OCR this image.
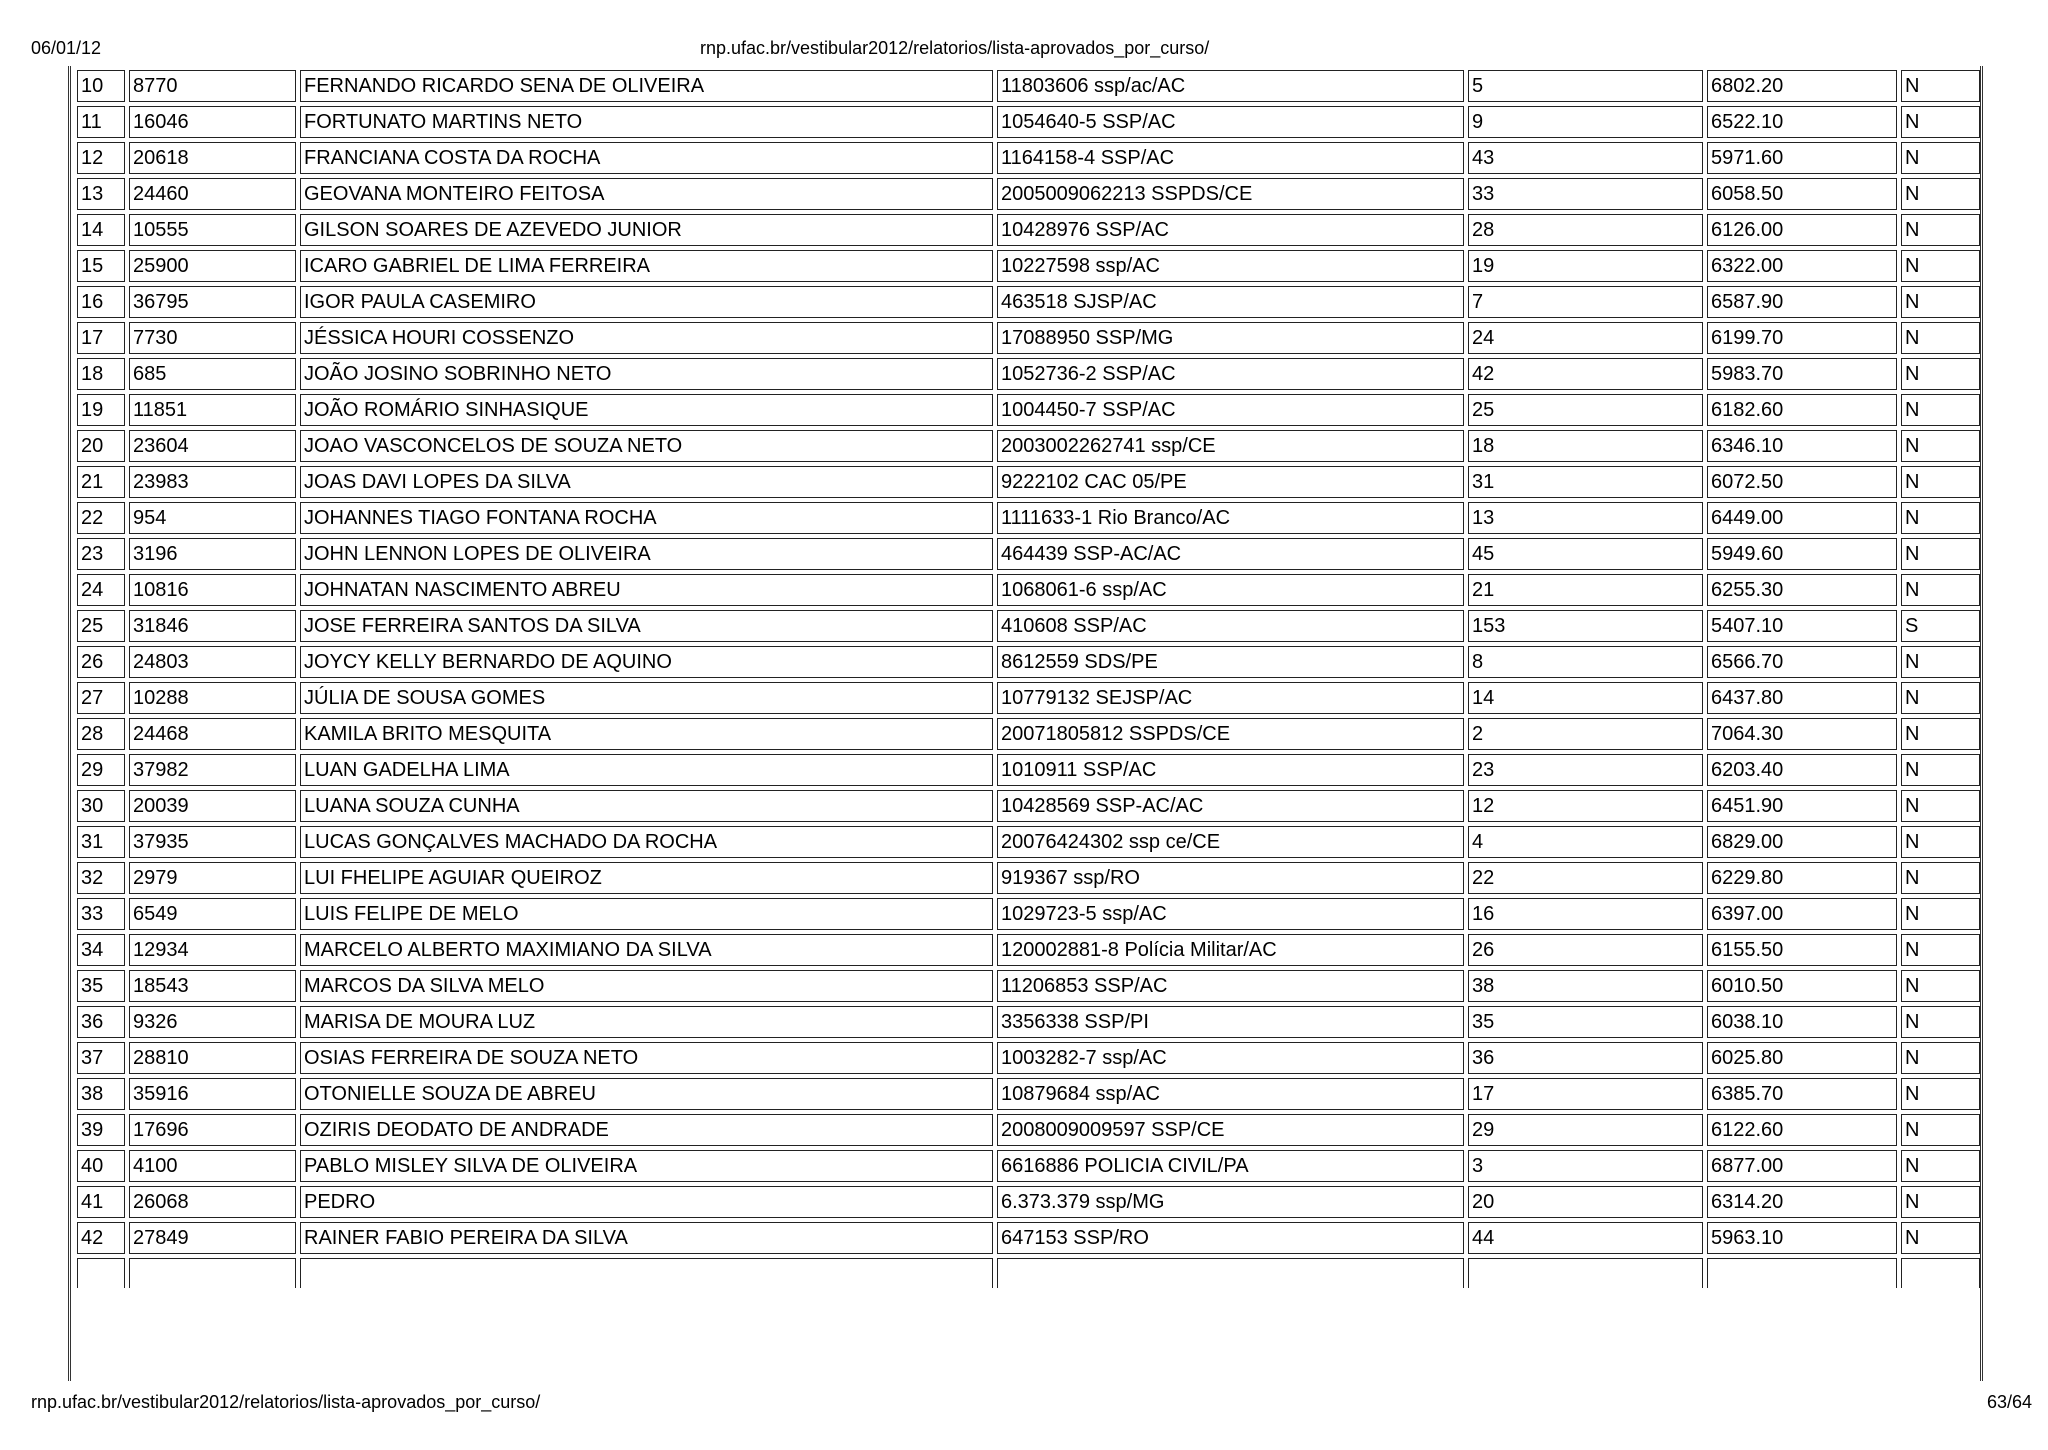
06/01/12	rnp.ufac.br/vestibular2012/relatorios/lista-aprovados_por_curso/
10	8770	FERNANDO RICARDO SENA DE OLIVEIRA	11803606 ssp/ac/AC	5	6802.20	N
11	16046	FORTUNATO MARTINS NETO	1054640-5 SSP/AC	9	6522.10	N
12	20618	FRANCIANA COSTA DA ROCHA	1164158-4 SSP/AC	43	5971.60	N
13	24460	GEOVANA MONTEIRO FEITOSA	2005009062213 SSPDS/CE	33	6058.50	N
14	10555	GILSON SOARES DE AZEVEDO JUNIOR	10428976 SSP/AC	28	6126.00	N
15	25900	ICARO GABRIEL DE LIMA FERREIRA	10227598 ssp/AC	19	6322.00	N
16	36795	IGOR PAULA CASEMIRO	463518 SJSP/AC	7	6587.90	N
17	7730	JÉSSICA HOURI COSSENZO	17088950 SSP/MG	24	6199.70	N
18	685	JOÃO JOSINO SOBRINHO NETO	1052736-2 SSP/AC	42	5983.70	N
19	11851	JOÃO ROMÁRIO SINHASIQUE	1004450-7 SSP/AC	25	6182.60	N
20	23604	JOAO VASCONCELOS DE SOUZA NETO	2003002262741 ssp/CE	18	6346.10	N
21	23983	JOAS DAVI LOPES DA SILVA	9222102 CAC 05/PE	31	6072.50	N
22	954	JOHANNES TIAGO FONTANA ROCHA	1111633-1 Rio Branco/AC	13	6449.00	N
23	3196	JOHN LENNON LOPES DE OLIVEIRA	464439 SSP-AC/AC	45	5949.60	N
24	10816	JOHNATAN NASCIMENTO ABREU	1068061-6 ssp/AC	21	6255.30	N
25	31846	JOSE FERREIRA SANTOS DA SILVA	410608 SSP/AC	153	5407.10	S
26	24803	JOYCY KELLY BERNARDO DE AQUINO	8612559 SDS/PE	8	6566.70	N
27	10288	JÚLIA DE SOUSA GOMES	10779132 SEJSP/AC	14	6437.80	N
28	24468	KAMILA BRITO MESQUITA	20071805812 SSPDS/CE	2	7064.30	N
29	37982	LUAN GADELHA LIMA	1010911 SSP/AC	23	6203.40	N
30	20039	LUANA SOUZA CUNHA	10428569 SSP-AC/AC	12	6451.90	N
31	37935	LUCAS GONÇALVES MACHADO DA ROCHA	20076424302 ssp ce/CE	4	6829.00	N
32	2979	LUI FHELIPE AGUIAR QUEIROZ	919367 ssp/RO	22	6229.80	N
33	6549	LUIS FELIPE DE MELO	1029723-5 ssp/AC	16	6397.00	N
34	12934	MARCELO ALBERTO MAXIMIANO DA SILVA	120002881-8 Polícia Militar/AC	26	6155.50	N
35	18543	MARCOS DA SILVA MELO	11206853 SSP/AC	38	6010.50	N
36	9326	MARISA DE MOURA LUZ	3356338 SSP/PI	35	6038.10	N
37	28810	OSIAS FERREIRA DE SOUZA NETO	1003282-7 ssp/AC	36	6025.80	N
38	35916	OTONIELLE SOUZA DE ABREU	10879684 ssp/AC	17	6385.70	N
39	17696	OZIRIS DEODATO DE ANDRADE	2008009009597 SSP/CE	29	6122.60	N
40	4100	PABLO MISLEY SILVA DE OLIVEIRA	6616886 POLICIA CIVIL/PA	3	6877.00	N
41	26068	PEDRO	6.373.379 ssp/MG	20	6314.20	N
42	27849	RAINER FABIO PEREIRA DA SILVA	647153 SSP/RO	44	5963.10	N

rnp.ufac.br/vestibular2012/relatorios/lista-aprovados_por_curso/	63/64
